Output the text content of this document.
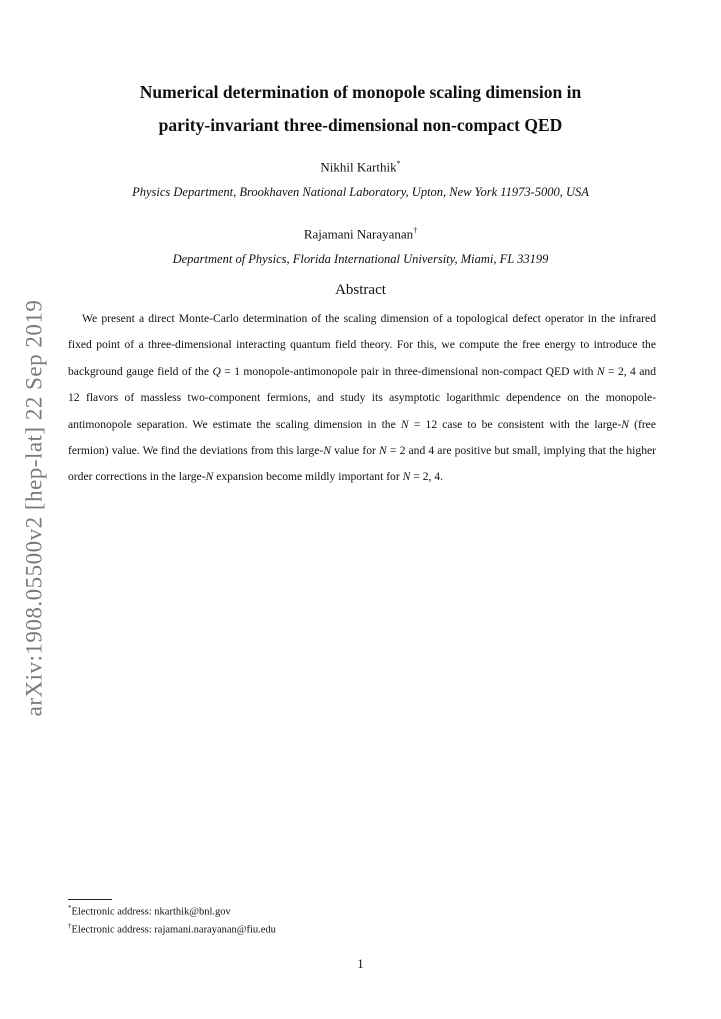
arXiv:1908.05500v2 [hep-lat] 22 Sep 2019
Numerical determination of monopole scaling dimension in
parity-invariant three-dimensional non-compact QED
Nikhil Karthik*
Physics Department, Brookhaven National Laboratory, Upton, New York 11973-5000, USA
Rajamani Narayanan†
Department of Physics, Florida International University, Miami, FL 33199
Abstract

We present a direct Monte-Carlo determination of the scaling dimension of a topological defect operator in the infrared fixed point of a three-dimensional interacting quantum field theory. For this, we compute the free energy to introduce the background gauge field of the Q = 1 monopole-antimonopole pair in three-dimensional non-compact QED with N = 2, 4 and 12 flavors of massless two-component fermions, and study its asymptotic logarithmic dependence on the monopole-antimonopole separation. We estimate the scaling dimension in the N = 12 case to be consistent with the large-N (free fermion) value. We find the deviations from this large-N value for N = 2 and 4 are positive but small, implying that the higher order corrections in the large-N expansion become mildly important for N = 2, 4.

*Electronic address: nkarthik@bnl.gov
†Electronic address: rajamani.narayanan@fiu.edu
1
